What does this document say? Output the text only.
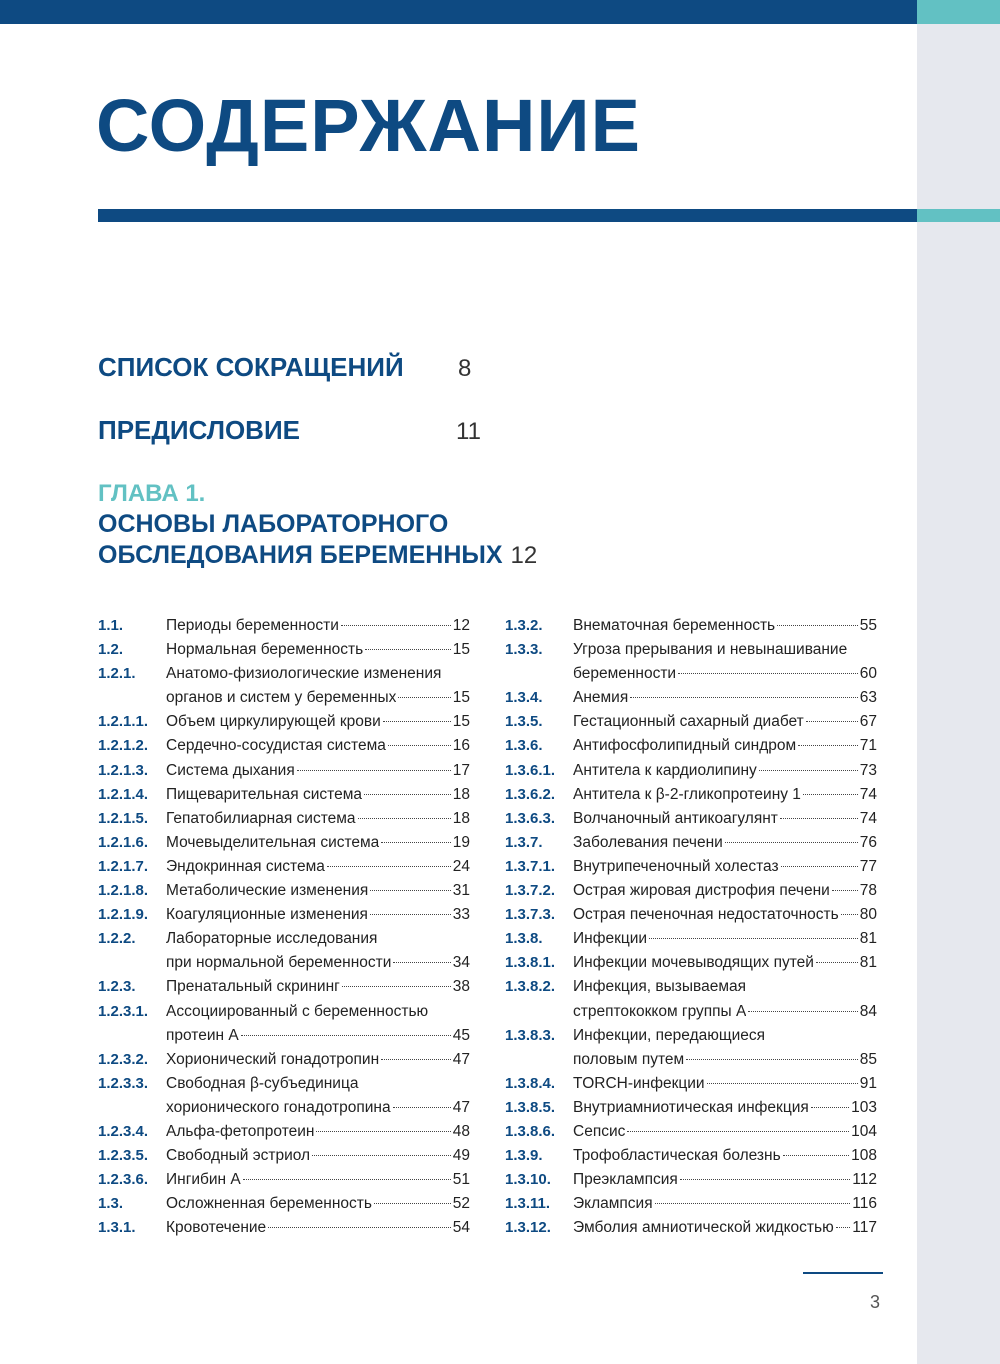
СОДЕРЖАНИЕ
СПИСОК СОКРАЩЕНИЙ 8
ПРЕДИСЛОВИЕ	11
ГЛАВА 1.
ОСНОВЫ ЛАБОРАТОРНОГО
ОБСЛЕДОВАНИЯ БЕРЕМЕННЫХ 12
1.1.	Периоды беременности	12
1.2.	Нормальная беременность	15
1.2.1.	Анатомо-физиологические изменения
органов и систем у беременных	15
1.2.1.1.	Объем циркулирующей крови	15
1.2.1.2.	Сердечно-сосудистая система	16
1.2.1.3.	Система дыхания	17
1.2.1.4.	Пищеварительная система	18
1.2.1.5.	Гепатобилиарная система	18
1.2.1.6.	Мочевыделительная система	19
1.2.1.7.	Эндокринная система	24
1.2.1.8.	Метаболические изменения	31
1.2.1.9.	Коагуляционные изменения	33
1.2.2.	Лабораторные исследования
при нормальной беременности	34
1.2.3.	Пренатальный скрининг	38
1.2.3.1.	Ассоциированный с беременностью
протеин А	45
1.2.3.2.	Хорионический гонадотропин	47
1.2.3.3.	Свободная β-субъединица
хорионического гонадотропина	47
1.2.3.4.	Альфа-фетопротеин	48
1.2.3.5.	Свободный эстриол	49
1.2.3.6.	Ингибин А	51
1.3.	Осложненная беременность	52
1.3.1.	Кровотечение	54
1.3.2.	Внематочная беременность	55
1.3.3.	Угроза прерывания и невынашивание
беременности	60
1.3.4.	Анемия	63
1.3.5.	Гестационный сахарный диабет	67
1.3.6.	Антифосфолипидный синдром	71
1.3.6.1.	Антитела к кардиолипину	73
1.3.6.2.	Антитела к β-2-гликопротеину 1	74
1.3.6.3.	Волчаночный антикоагулянт	74
1.3.7.	Заболевания печени	76
1.3.7.1.	Внутрипеченочный холестаз	77
1.3.7.2.	Острая жировая дистрофия печени 78
1.3.7.3.	Острая печеночная недостаточность 80
1.3.8.	Инфекции	81
1.3.8.1.	Инфекции мочевыводящих путей	81
1.3.8.2.	Инфекция, вызываемая
стрептококком группы А	84
1.3.8.3.	Инфекции, передающиеся
половым путем	85
1.3.8.4.	TORCH-инфекции	91
1.3.8.5.	Внутриамниотическая инфекция	103
1.3.8.6.	Сепсис	104
1.3.9.	Трофобластическая болезнь	108
1.3.10.	Преэклампсия	112
1.3.11.	Эклампсия	116
1.3.12.	Эмболия амниотической жидкостью 117
3
